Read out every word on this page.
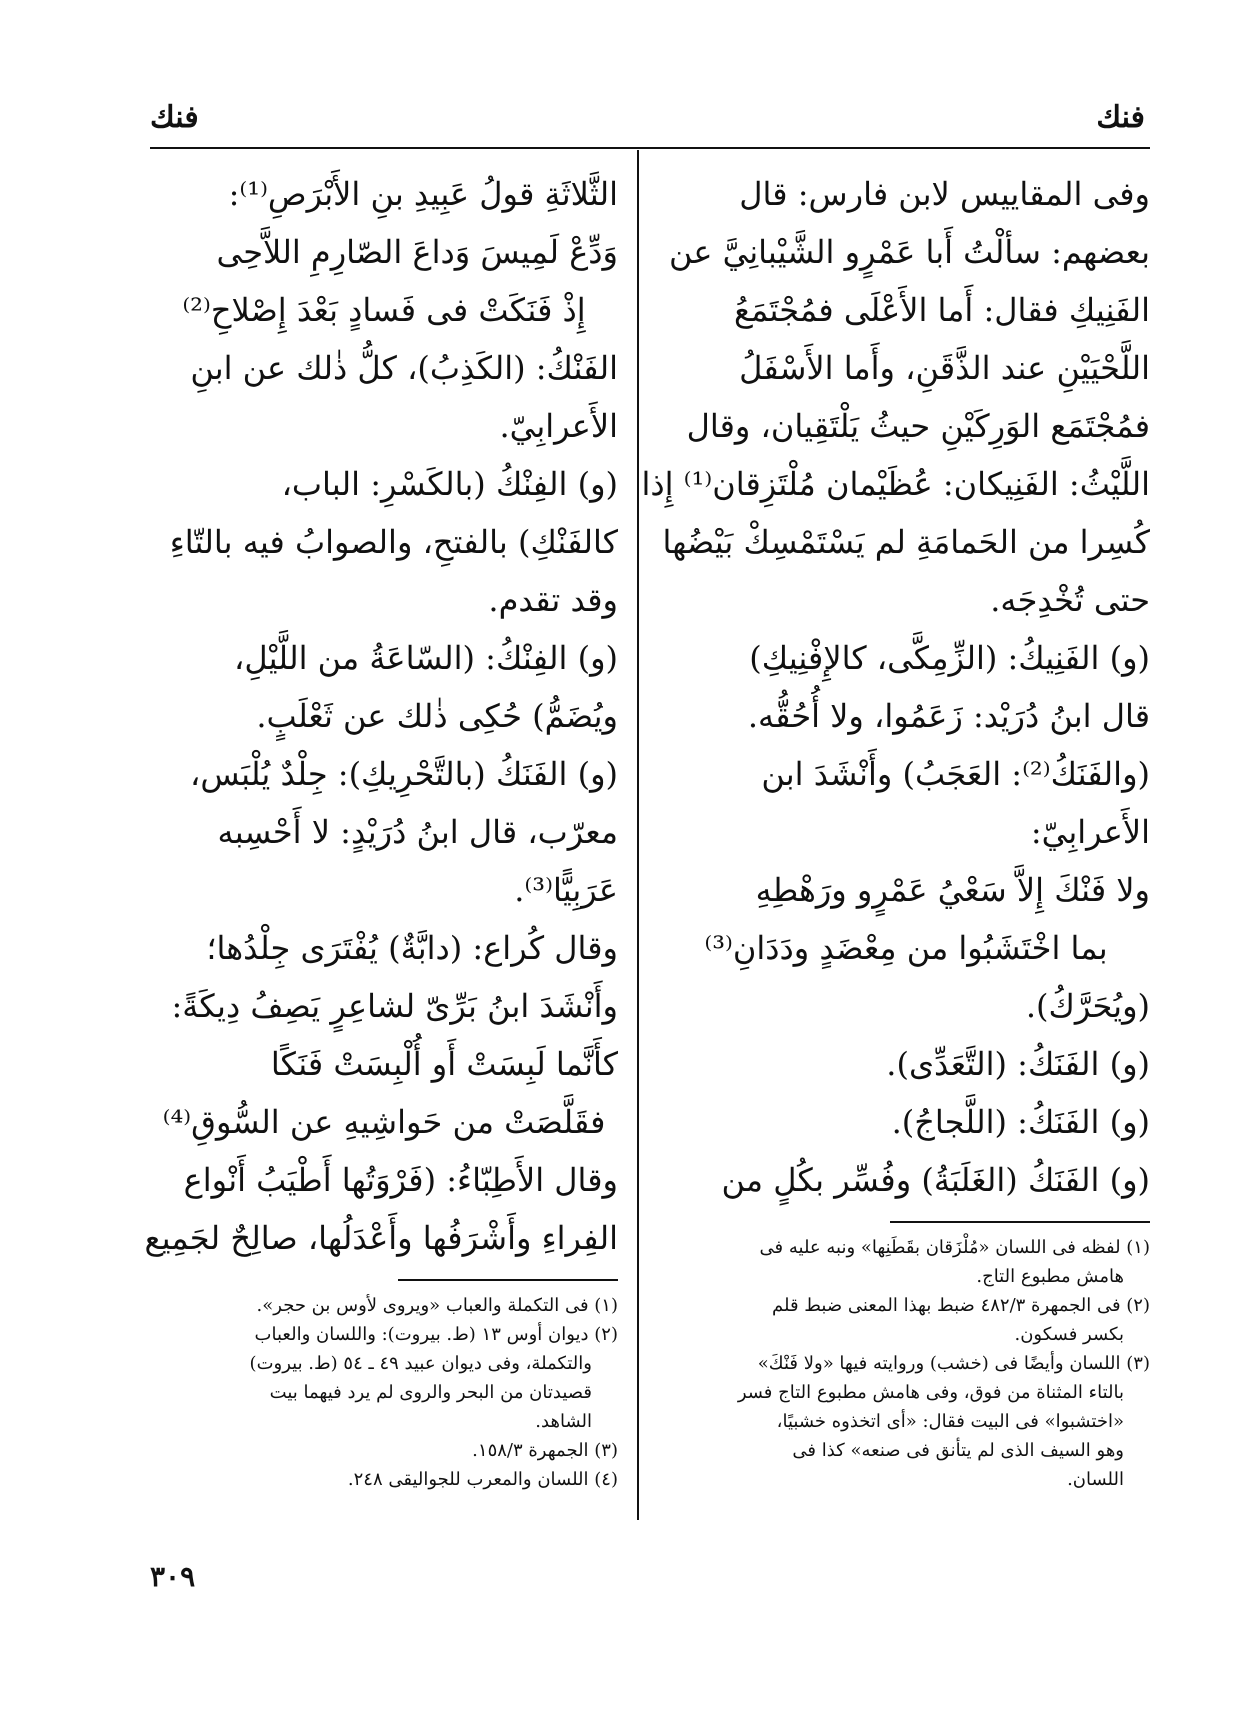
فنك
فنك
وفى المقاييس لابن فارس: قال
بعضهم: سألْتُ أَبا عَمْرٍو الشَّيْبانِيَّ عن
الفَنِيكِ فقال: أَما الأَعْلَى فمُجْتَمَعُ
اللَّحْيَيْنِ عند الذَّقَنِ، وأَما الأَسْفَلُ
فمُجْتَمَع الوَرِكَيْنِ حيثُ يَلْتَقِيان، وقال
اللَّيْثُ: الفَنِيكان: عُظَيْمان مُلْتَزِقان⁽¹⁾ إِذا
كُسِرا من الحَمامَةِ لم يَسْتَمْسِكْ بَيْضُها
حتى تُخْدِجَه.
(و) الفَنِيكُ: (الزِّمِكَّى، كالإِفْنِيكِ)
قال ابنُ دُرَيْد: زَعَمُوا، ولا أُحُقُّه.
(والفَنَكُ⁽²⁾: العَجَبُ) وأَنْشَدَ ابن
الأَعرابِيّ:
ولا فَنْكَ إِلاَّ سَعْيُ عَمْرٍو ورَهْطِهِ
بما اخْتَشَبُوا من مِعْضَدٍ ودَدَانِ⁽³⁾
(ويُحَرَّكُ).
(و) الفَنَكُ: (التَّعَدِّى).
(و) الفَنَكُ: (اللَّجاجُ).
(و) الفَنَكُ (الغَلَبَةُ) وفُسِّر بكُلٍ من
(١) لفظه فى اللسان «مُلْزَقان بقَطَنِها» ونبه عليه فى
هامش مطبوع التاج.
(٢) فى الجمهرة ٤٨٢/٣ ضبط بهذا المعنى ضبط قلم
بكسر فسكون.
(٣) اللسان وأيضًا فى (خشب) وروايته فيها «ولا فَنْكَ»
بالتاء المثناة من فوق، وفى هامش مطبوع التاج فسر
«اختشبوا» فى البيت فقال: «أى اتخذوه خشبيًا،
وهو السيف الذى لم يتأنق فى صنعه» كذا فى
اللسان.
الثَّلاثَةِ قولُ عَبِيدِ بنِ الأَبْرَصِ⁽¹⁾:
وَدِّعْ لَمِيسَ وَداعَ الصّارِمِ اللاَّحِى
إِذْ فَنَكَتْ فى فَسادٍ بَعْدَ إِصْلاحِ⁽²⁾
الفَنْكُ: (الكَذِبُ)، كلُّ ذٰلك عن ابنِ
الأَعرابِيّ.
(و) الفِنْكُ (بالكَسْرِ: الباب،
كالفَنْكِ) بالفتحِ، والصوابُ فيه بالتّاءِ
وقد تقدم.
(و) الفِنْكُ: (السّاعَةُ من اللَّيْلِ،
ويُضَمُّ) حُكِى ذٰلك عن ثَعْلَبٍ.
(و) الفَنَكُ (بالتَّحْرِيكِ): جِلْدٌ يُلْبَس،
معرّب، قال ابنُ دُرَيْدٍ: لا أَحْسِبه
عَرَبِيًّا⁽³⁾.
وقال كُراع: (دابَّةٌ) يُفْتَرَى جِلْدُها؛
وأَنْشَدَ ابنُ بَرِّىّ لشاعِرٍ يَصِفُ دِيكَةً:
كأَنَّما لَبِسَتْ أَو أُلْبِسَتْ فَنَكًا
فقَلَّصَتْ من حَواشِيهِ عن السُّوقِ⁽⁴⁾
وقال الأَطِبّاءُ: (فَرْوَتُها أَطْيَبُ أَنْواع
الفِراءِ وأَشْرَفُها وأَعْدَلُها، صالِحٌ لجَمِيع
(١) فى التكملة والعباب «ويروى لأوس بن حجر».
(٢) ديوان أوس ١٣ (ط. بيروت): واللسان والعباب
والتكملة، وفى ديوان عبيد ٤٩ ـ ٥٤ (ط. بيروت)
قصيدتان من البحر والروى لم يرد فيهما بيت
الشاهد.
(٣) الجمهرة ١٥٨/٣.
(٤) اللسان والمعرب للجواليقى ٢٤٨.
٣٠٩
